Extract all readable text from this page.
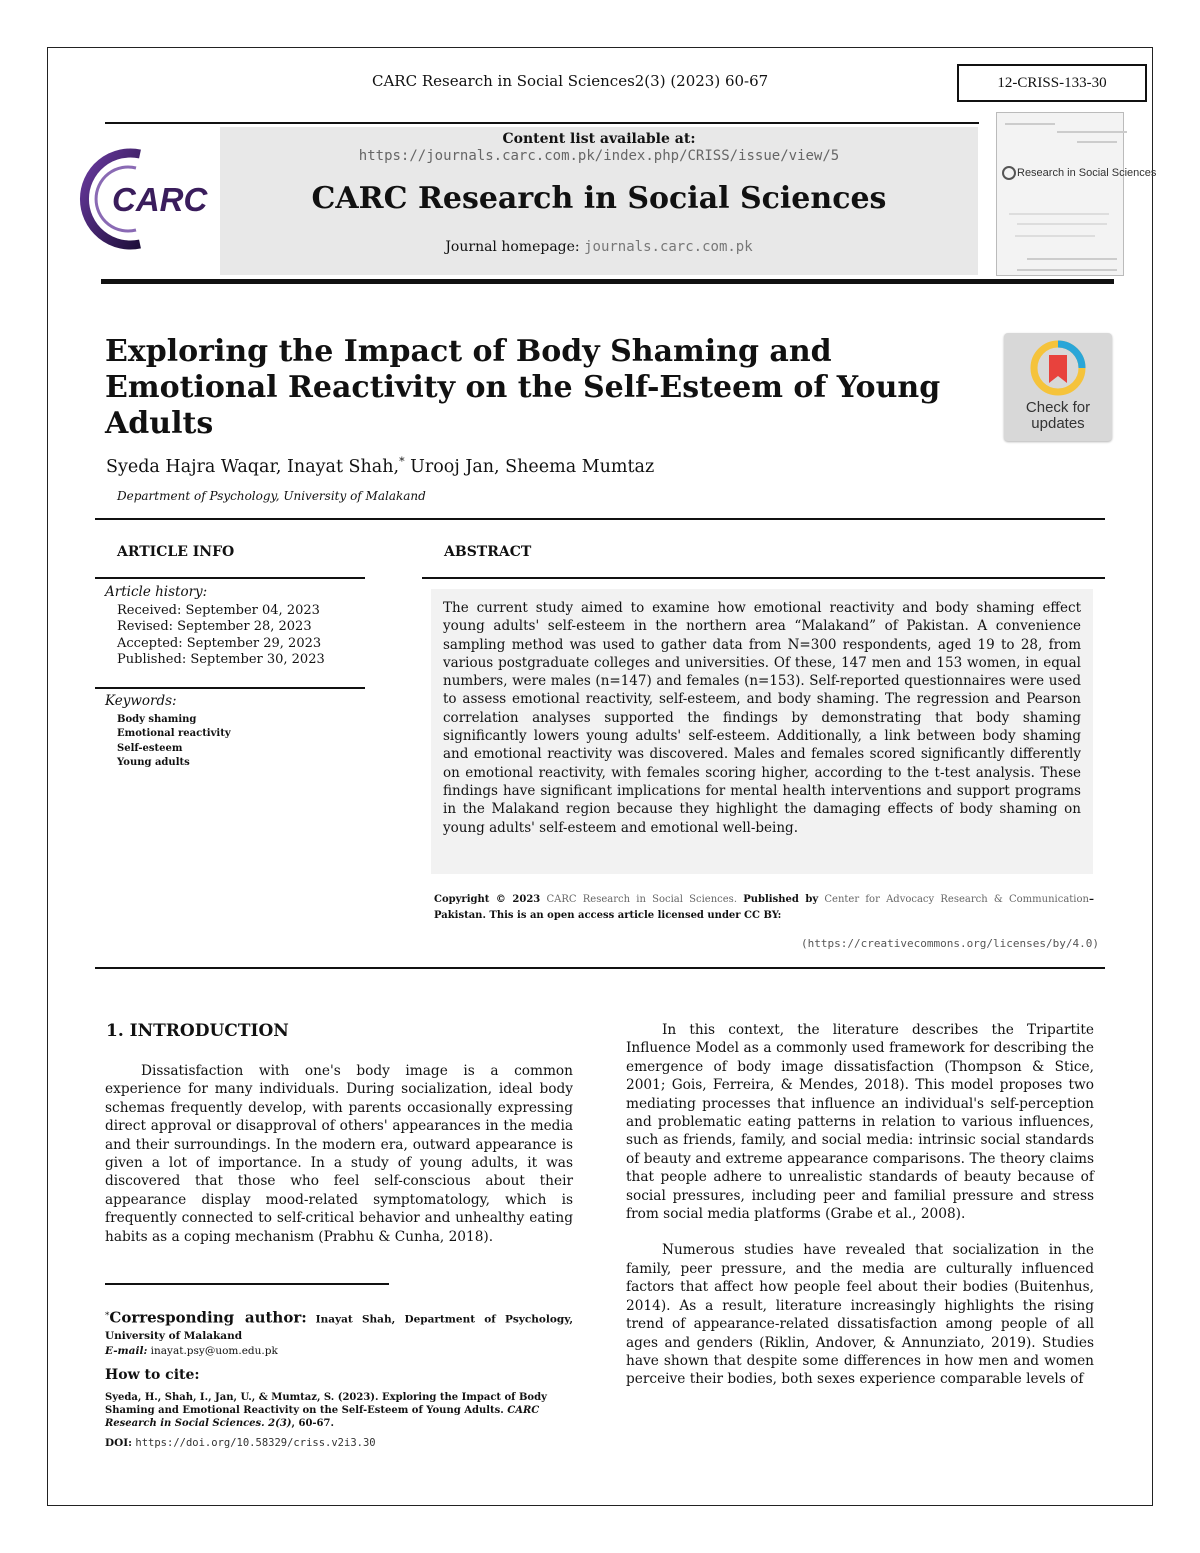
CARC Research in Social Sciences2(3) (2023) 60-67	12-CRISS-133-30
CARC
Content list available at:
https://journals.carc.com.pk/index.php/CRISS/issue/view/5
CARC Research in Social Sciences
Journal homepage: journals.carc.com.pk
Research in Social Sciences
Exploring the Impact of Body Shaming and Emotional Reactivity on the Self-Esteem of Young Adults	Check for
updates
Syeda Hajra Waqar, Inayat Shah,* Urooj Jan, Sheema Mumtaz
Department of Psychology, University of Malakand
ARTICLE INFO
Article history:
Received: September 04, 2023
Revised: September 28, 2023
Accepted: September 29, 2023
Published: September 30, 2023
Keywords:
Body shaming
Emotional reactivity
Self-esteem
Young adults
ABSTRACT
The current study aimed to examine how emotional reactivity and body shaming effect young adults' self-esteem in the northern area “Malakand” of Pakistan. A convenience sampling method was used to gather data from N=300 respondents, aged 19 to 28, from various postgraduate colleges and universities. Of these, 147 men and 153 women, in equal numbers, were males (n=147) and females (n=153). Self-reported questionnaires were used to assess emotional reactivity, self-esteem, and body shaming. The regression and Pearson correlation analyses supported the findings by demonstrating that body shaming significantly lowers young adults' self-esteem. Additionally, a link between body shaming and emotional reactivity was discovered. Males and females scored significantly differently on emotional reactivity, with females scoring higher, according to the t-test analysis. These findings have significant implications for mental health interventions and support programs in the Malakand region because they highlight the damaging effects of body shaming on young adults' self-esteem and emotional well-being.
Copyright © 2023 CARC Research in Social Sciences. Published by Center for Advocacy Research & Communication– Pakistan. This is an open access article licensed under CC BY:
(https://creativecommons.org/licenses/by/4.0)
1. INTRODUCTION

Dissatisfaction with one's body image is a common experience for many individuals. During socialization, ideal body schemas frequently develop, with parents occasionally expressing direct approval or disapproval of others' appearances in the media and their surroundings. In the modern era, outward appearance is given a lot of importance. In a study of young adults, it was discovered that those who feel self-conscious about their appearance display mood-related symptomatology, which is frequently connected to self-critical behavior and unhealthy eating habits as a coping mechanism (Prabhu & Cunha, 2018).

In this context, the literature describes the Tripartite Influence Model as a commonly used framework for describing the emergence of body image dissatisfaction (Thompson & Stice, 2001; Gois, Ferreira, & Mendes, 2018). This model proposes two mediating processes that influence an individual's self-perception and problematic eating patterns in relation to various influences, such as friends, family, and social media: intrinsic social standards of beauty and extreme appearance comparisons. The theory claims that people adhere to unrealistic standards of beauty because of social pressures, including peer and familial pressure and stress from social media platforms (Grabe et al., 2008).

Numerous studies have revealed that socialization in the family, peer pressure, and the media are culturally influenced factors that affect how people feel about their bodies (Buitenhus, 2014). As a result, literature increasingly highlights the rising trend of appearance-related dissatisfaction among people of all ages and genders (Riklin, Andover, & Annunziato, 2019). Studies have shown that despite some differences in how men and women perceive their bodies, both sexes experience comparable levels of

*Corresponding author: Inayat Shah, Department of Psychology, University of Malakand
E-mail: inayat.psy@uom.edu.pk
How to cite:
Syeda, H., Shah, I., Jan, U., & Mumtaz, S. (2023). Exploring the Impact of Body Shaming and Emotional Reactivity on the Self-Esteem of Young Adults. CARC Research in Social Sciences. 2(3), 60-67.
DOI: https://doi.org/10.58329/criss.v2i3.30
